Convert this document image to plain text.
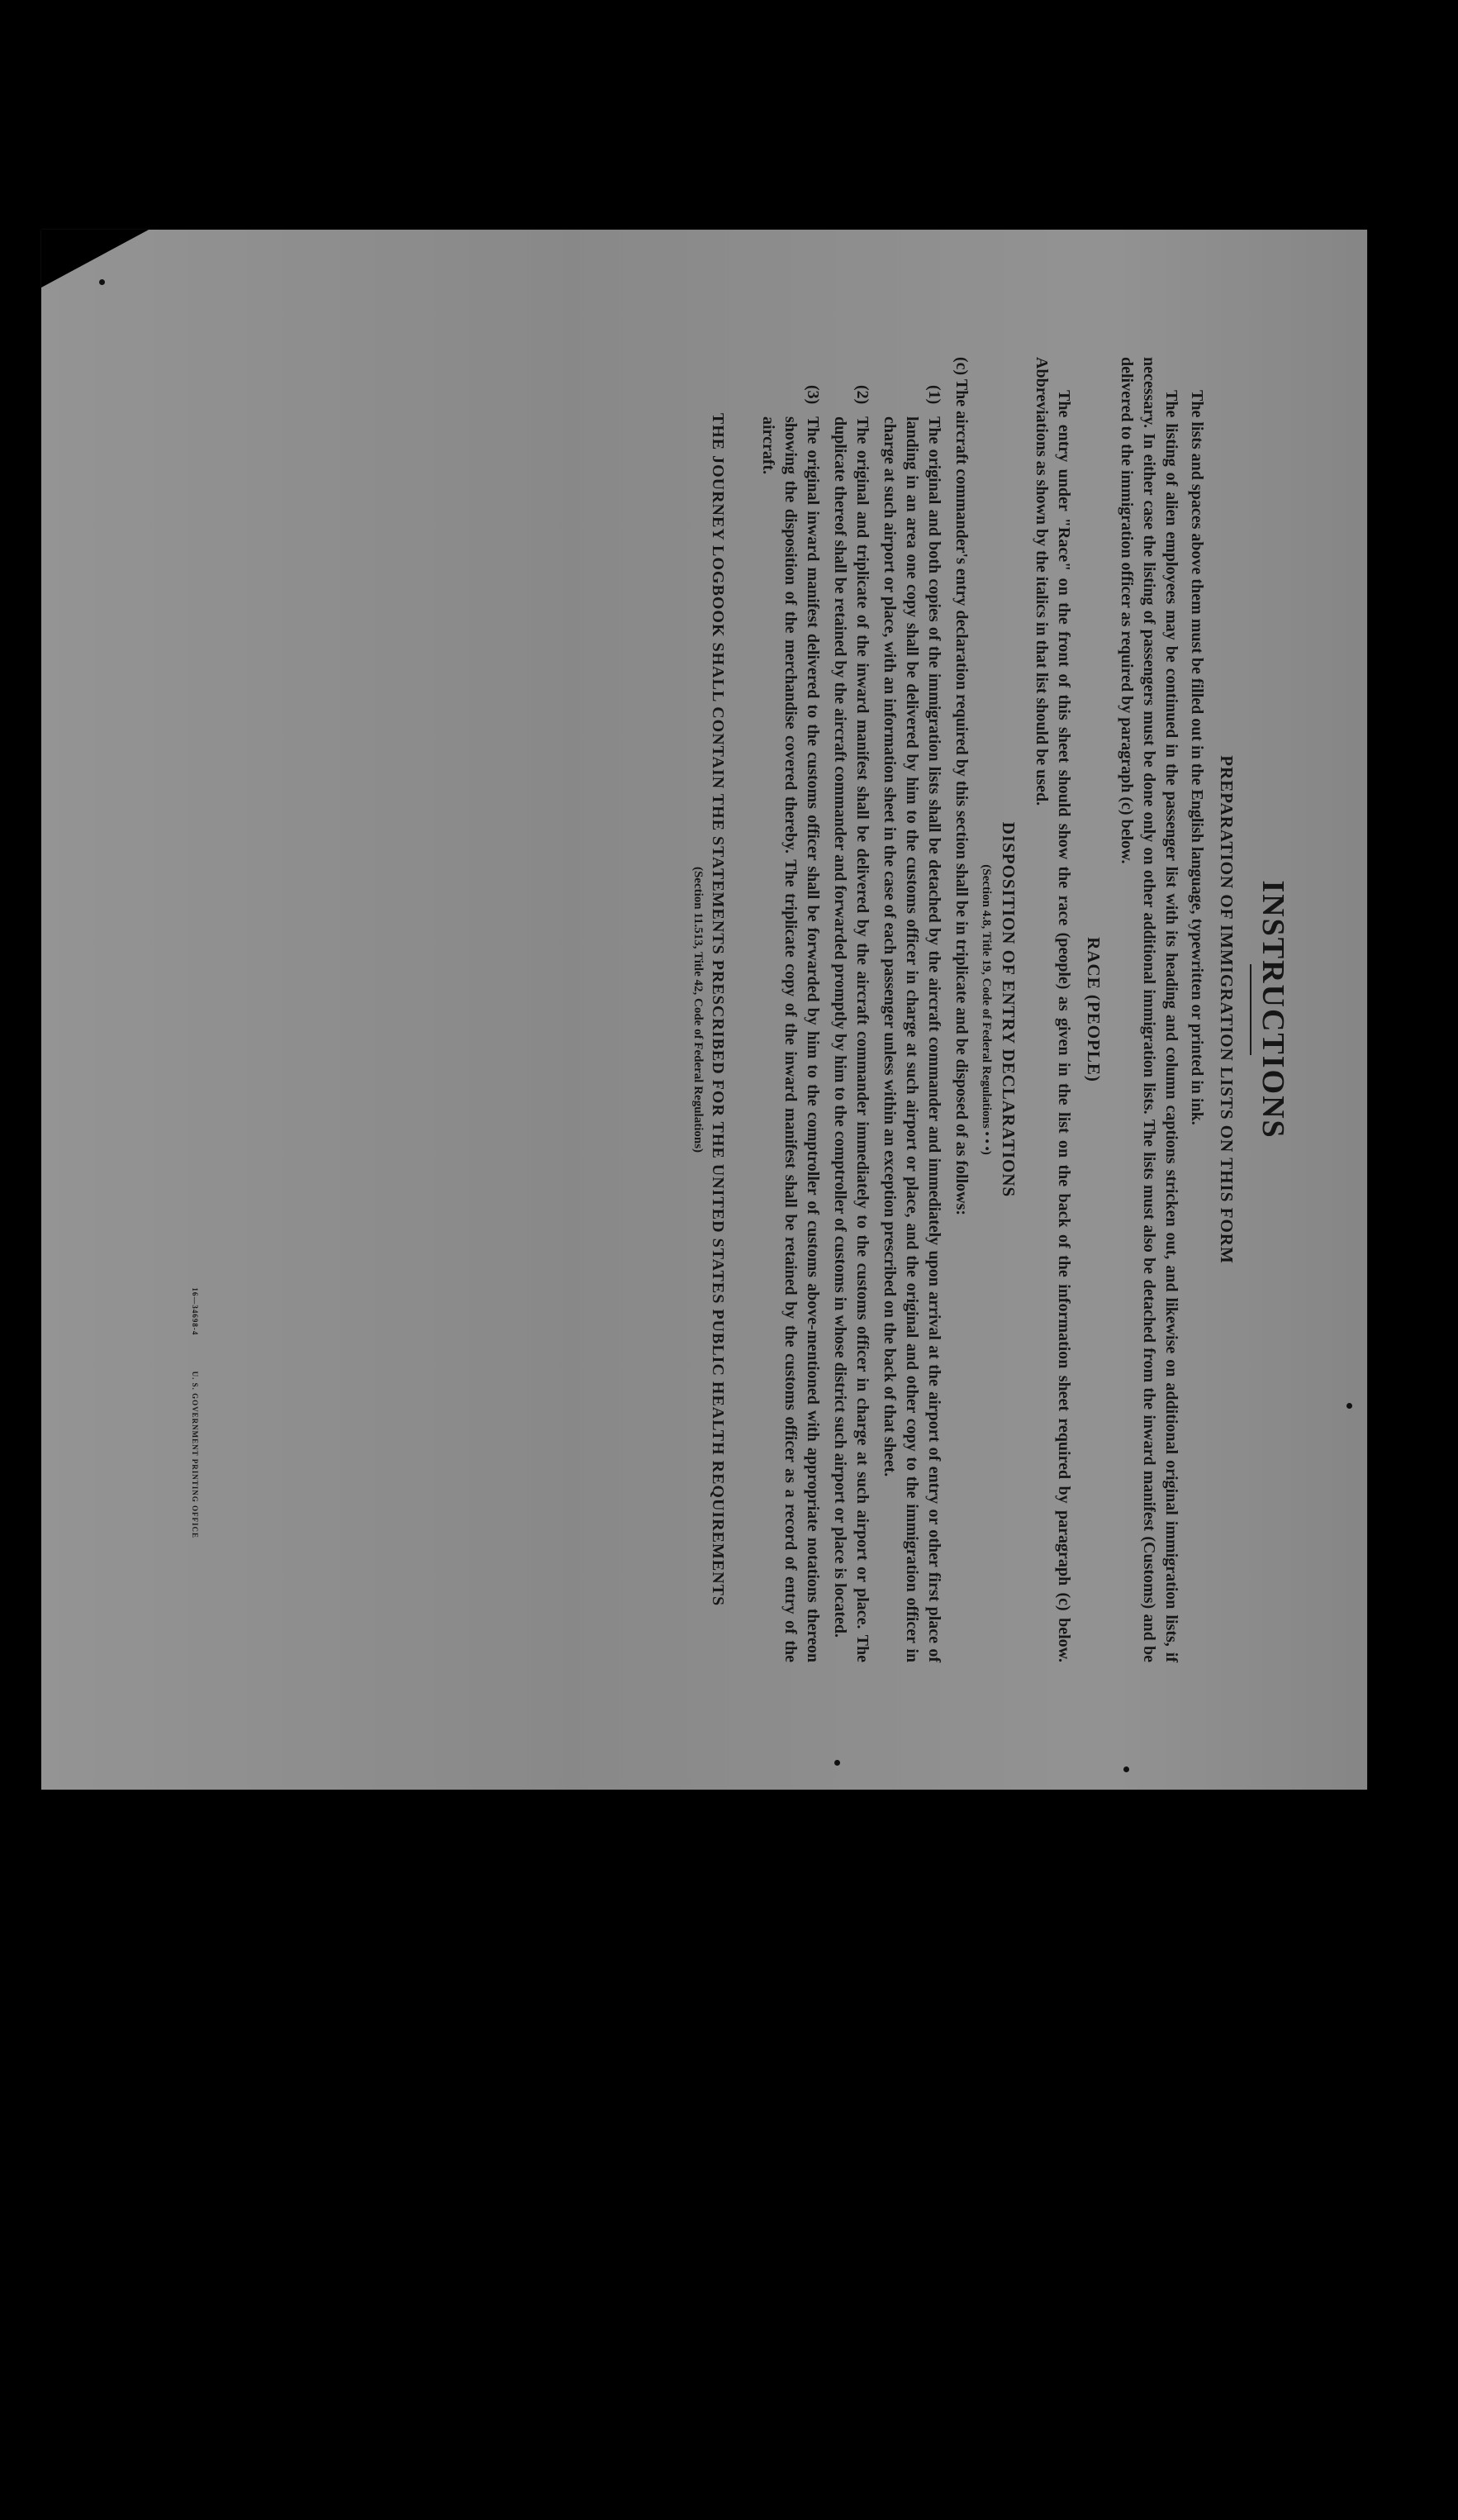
INSTRUCTIONS
PREPARATION OF IMMIGRATION LISTS ON THIS FORM

The lists and spaces above them must be filled out in the English language, typewritten or printed in ink.

The listing of alien employees may be continued in the passenger list with its heading and column captions stricken out, and likewise on additional original immigration lists, if necessary. In either case the listing of passengers must be done only on other additional immigration lists. The lists must also be detached from the inward manifest (Customs) and be delivered to the immigration officer as required by paragraph (c) below.

RACE (PEOPLE)

The entry under "Race" on the front of this sheet should show the race (people) as given in the list on the back of the information sheet required by paragraph (c) below. Abbreviations as shown by the italics in that list should be used.

DISPOSITION OF ENTRY DECLARATIONS
(Section 4.8, Title 19, Code of Federal Regulations • • •)

(c) The aircraft commander's entry declaration required by this section shall be in triplicate and be disposed of as follows:

(1)
The original and both copies of the immigration lists shall be detached by the aircraft commander and immediately upon arrival at the airport of entry or other first place of landing in an area one copy shall be delivered by him to the customs officer in charge at such airport or place, and the original and other copy to the immigration officer in charge at such airport or place, with an information sheet in the case of each passenger unless within an exception prescribed on the back of that sheet.

(2)
The original and triplicate of the inward manifest shall be delivered by the aircraft commander immediately to the customs officer in charge at such airport or place. The duplicate thereof shall be retained by the aircraft commander and forwarded promptly by him to the comptroller of customs in whose district such airport or place is located.

(3)
The original inward manifest delivered to the customs officer shall be forwarded by him to the comptroller of customs above-mentioned with appropriate notations thereon showing the disposition of the merchandise covered thereby. The triplicate copy of the inward manifest shall be retained by the customs officer as a record of entry of the aircraft.

THE JOURNEY LOGBOOK SHALL CONTAIN THE STATEMENTS PRESCRIBED FOR THE UNITED STATES PUBLIC HEALTH REQUIREMENTS
(Section 11.513, Title 42, Code of Federal Regulations)
16—34698-4 U. S. GOVERNMENT PRINTING OFFICE
